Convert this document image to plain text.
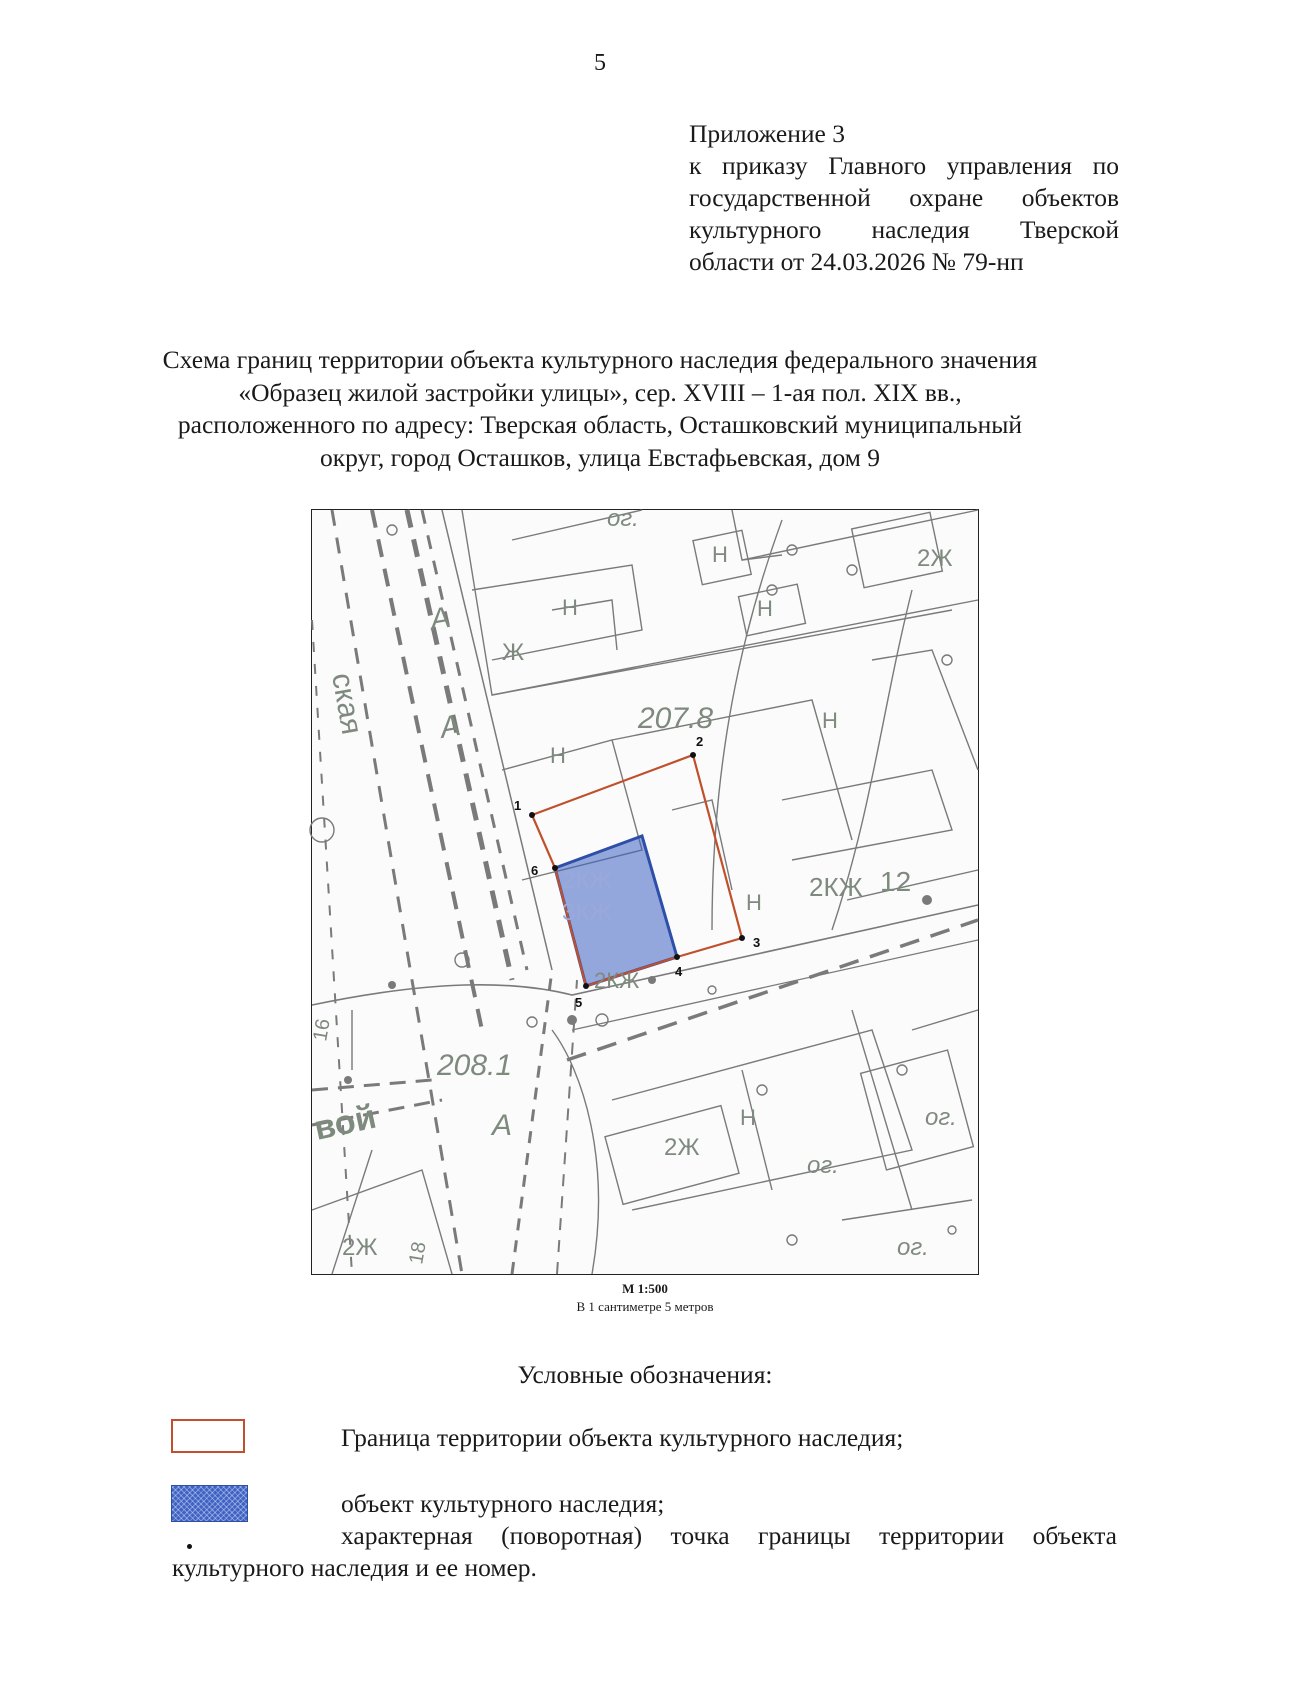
5
Приложение 3
к приказу Главного управления по
государственной охране объектов
культурного наследия Тверской
области от 24.03.2026 № 79-нп
Схема границ территории объекта культурного наследия федерального значения «Образец жилой застройки улицы», сер. XVIII – 1-ая пол. XIX вв., расположенного по адресу: Тверская область, Осташковский муниципальный округ, город Осташков, улица Евстафьевская, дом 9
207.8
208.1
12
16
18
2КЖ
2КЖ
3КЖ
2КЖ
2Ж
2Ж
2Ж
Ж
ог.
ог.
ог.
ог.
А
А
А
Н
Н
Н
Н
Н
Н
Н
ская
вой
1
2
3
4
5
6
М 1:500
В 1 сантиметре 5 метров
Условные обозначения:
Граница территории объекта культурного наследия;
объект культурного наследия;
характерная (поворотная) точка границы территории объекта культурного наследия и ее номер.
